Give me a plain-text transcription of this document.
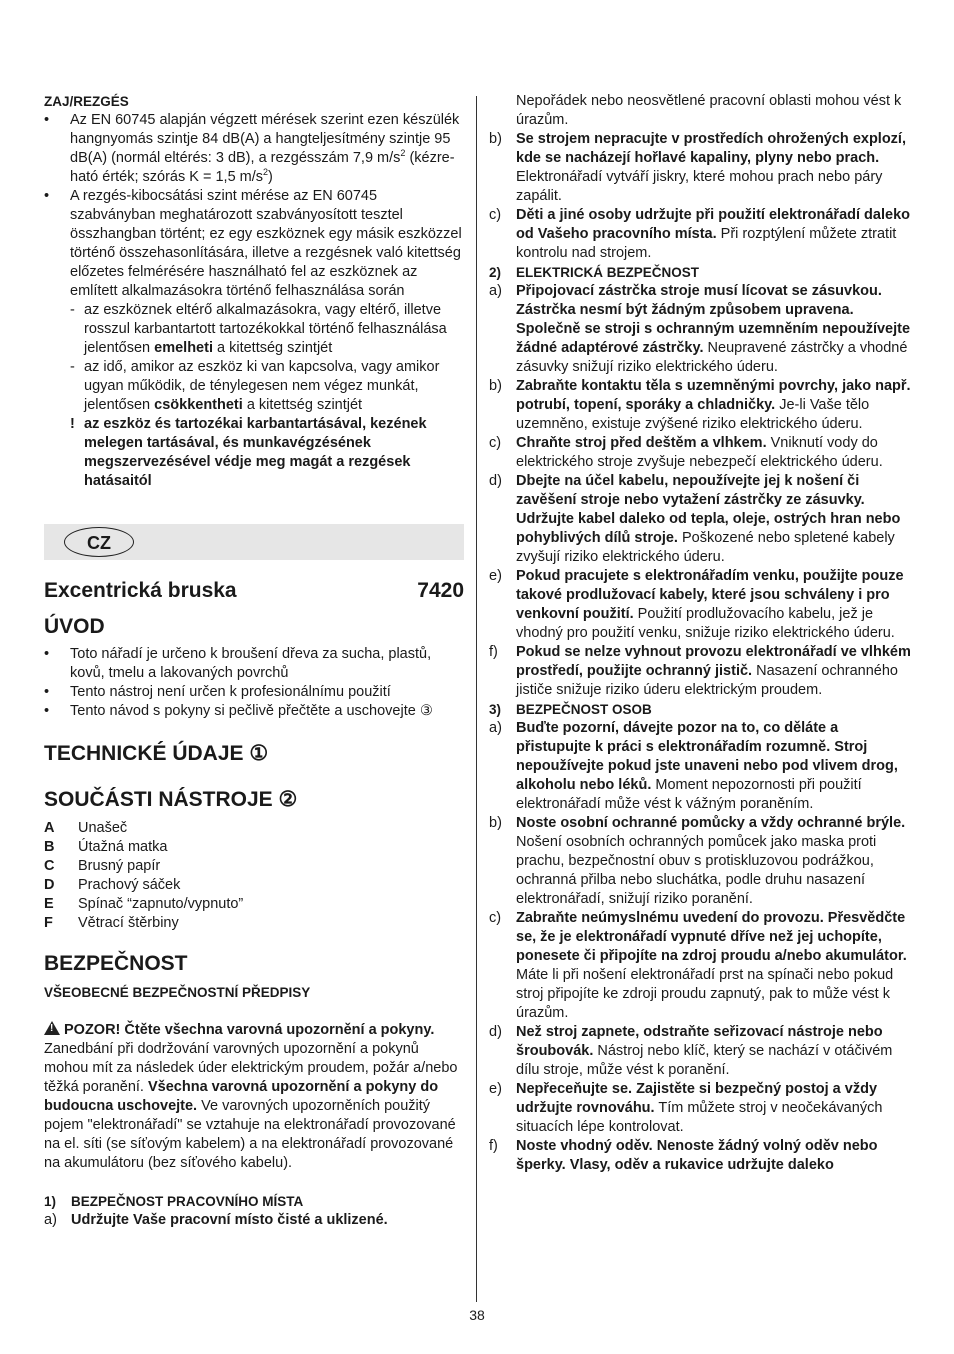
ZAJ/REZGÉS
•	Az EN 60745 alapján végzett mérések szerint ezen készülék hangnyomás szintje 84 dB(A) a hangteljesítmény szintje 95 dB(A) (normál eltérés: 3 dB), a rezgésszám 7,9 $m/s^2$ (kézre-ható érték; szórás K = 1,5 $m/s^2$)
•	A rezgés-kibocsátási szint mérése az EN 60745 szabványban meghatározott szabványosított tesztel összhangban történt; ez egy eszköznek egy másik eszközzel történő összehasonlítására, illetve a rezgésnek való kitettség előzetes felmérésére használható fel az eszköznek az említett alkalmazásokra történő felhasználása során
- az eszköznek eltérő alkalmazásokra, vagy eltérő, illetve rosszul karbantartott tartozékokkal történő felhasználása jelentősen emelheti a kitettség szintjét
- az idő, amikor az eszköz ki van kapcsolva, vagy amikor ugyan működik, de ténylegesen nem végez munkát, jelentősen csökkentheti a kitettség szintjét
! az eszköz és tartozékai karbantartásával, kezének melegen tartásával, és munkavégzésének megszervezésével védje meg magát a rezgések hatásaitól
CZ
Excentrická bruska	7420
ÚVOD
•	Toto nářadí je určeno k broušení dřeva za sucha, plastů, kovů, tmelu a lakovaných povrchů
•	Tento nástroj není určen k profesionálnímu použití
•	Tento návod s pokyny si pečlivě přečtěte a uschovejte ③
TECHNICKÉ ÚDAJE ①
SOUČÁSTI NÁSTROJE ②
A	Unašeč
B	Útažná matka
C	Brusný papír
D	Prachový sáček
E	Spínač “zapnuto/vypnuto”
F	Větrací štěrbiny
BEZPEČNOST
VŠEOBECNÉ BEZPEČNOSTNÍ PŘEDPISY
!POZOR! Čtěte všechna varovná upozornění a pokyny. Zanedbání při dodržování varovných upozornění a pokynů mohou mít za následek úder elektrickým proudem, požár a/nebo těžká poranění. Všechna varovná upozornění a pokyny do budoucna uschovejte. Ve varovných upozorněních použitý pojem "elektronářadí" se vztahuje na elektronářadí provozované na el. síti (se síťovým kabelem) a na elektronářadí provozované na akumulátoru (bez síťového kabelu).
1)	BEZPEČNOST PRACOVNÍHO MÍSTA
a) Udržujte Vaše pracovní místo čisté a uklizené.
Nepořádek nebo neosvětlené pracovní oblasti mohou vést k úrazům.
b) Se strojem nepracujte v prostředích ohrožených explozí, kde se nacházejí hořlavé kapaliny, plyny nebo prach. Elektronářadí vytváří jiskry, které mohou prach nebo páry zapálit.
c)	Děti a jiné osoby udržujte při použití elektronářadí daleko od Vašeho pracovního místa. Při rozptýlení můžete ztratit kontrolu nad strojem.
2)	ELEKTRICKÁ BEZPEČNOST
a) Připojovací zástrčka stroje musí lícovat se zásuvkou. Zástrčka nesmí být žádným způsobem upravena. Společně se stroji s ochranným uzemněním nepoužívejte žádné adaptérové zástrčky. Neupravené zástrčky a vhodné zásuvky snižují riziko elektrického úderu.
b) Zabraňte kontaktu těla s uzemněnými povrchy, jako např. potrubí, topení, sporáky a chladničky. Je-li Vaše tělo uzemněno, existuje zvýšené riziko elektrického úderu.
c)	Chraňte stroj před deštěm a vlhkem. Vniknutí vody do elektrického stroje zvyšuje nebezpečí elektrického úderu.
d) Dbejte na účel kabelu, nepoužívejte jej k nošení či zavěšení stroje nebo vytažení zástrčky ze zásuvky. Udržujte kabel daleko od tepla, oleje, ostrých hran nebo pohyblivých dílů stroje. Poškozené nebo spletené kabely zvyšují riziko elektrického úderu.
e) Pokud pracujete s elektronářadím venku, použijte pouze takové prodlužovací kabely, které jsou schváleny i pro venkovní použití. Použití prodlužovacího kabelu, jež je vhodný pro použití venku, snižuje riziko elektrického úderu.
f)	Pokud se nelze vyhnout provozu elektronářadí ve vlhkém prostředí, použijte ochranný jistič. Nasazení ochranného jističe snižuje riziko úderu elektrickým proudem.
3)	BEZPEČNOST OSOB
a) Buďte pozorní, dávejte pozor na to, co děláte a přistupujte k práci s elektronářadím rozumně. Stroj nepoužívejte pokud jste unaveni nebo pod vlivem drog, alkoholu nebo léků. Moment nepozornosti při použití elektronářadí může vést k vážným poraněním.
b) Noste osobní ochranné pomůcky a vždy ochranné brýle. Nošení osobních ochranných pomůcek jako maska proti prachu, bezpečnostní obuv s protiskluzovou podrážkou, ochranná přilba nebo sluchátka, podle druhu nasazení elektronářadí, snižují riziko poranění.
c)	Zabraňte neúmyslnému uvedení do provozu. Přesvědčte se, že je elektronářadí vypnuté dříve než jej uchopíte, ponesete či připojíte na zdroj proudu a/nebo akumulátor. Máte li při nošení elektronářadí prst na spínači nebo pokud stroj připojíte ke zdroji proudu zapnutý, pak to může vést k úrazům.
d) Než stroj zapnete, odstraňte seřizovací nástroje nebo šroubovák. Nástroj nebo klíč, který se nachází v otáčivém dílu stroje, může vést k poranění.
e) Nepřeceňujte se. Zajistěte si bezpečný postoj a vždy udržujte rovnováhu. Tím můžete stroj v neočekávaných situacích lépe kontrolovat.
f)	Noste vhodný oděv. Nenoste žádný volný oděv nebo šperky. Vlasy, oděv a rukavice udržujte daleko
38
